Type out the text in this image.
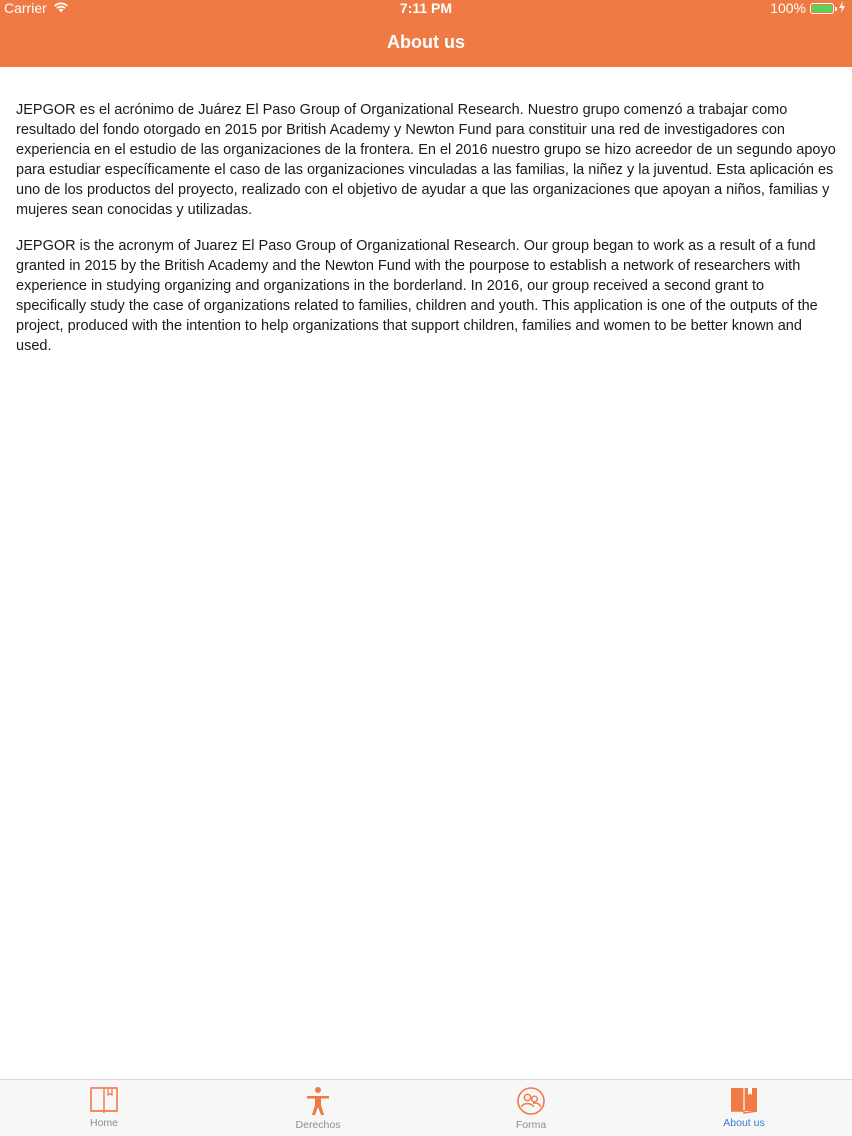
Carrier	7:11 PM	100%
About us

JEPGOR es el acrónimo de Juárez El Paso Group of Organizational Research. Nuestro grupo comenzó a trabajar como resultado del fondo otorgado en 2015 por British Academy y Newton Fund para constituir una red de investigadores con experiencia en el estudio de las organizaciones de la frontera. En el 2016 nuestro grupo se hizo acreedor de un segundo apoyo para estudiar específicamente el caso de las organizaciones vinculadas a las familias, la niñez y la juventud. Esta aplicación es uno de los productos del proyecto, realizado con el objetivo de ayudar a que las organizaciones que apoyan a niños, familias y mujeres sean conocidas y utilizadas.

JEPGOR is the acronym of Juarez El Paso Group of Organizational Research. Our group began to work as a result of a fund granted in 2015 by the British Academy and the Newton Fund with the pourpose to establish a network of researchers with experience in studying organizing and organizations in the borderland. In 2016, our group received a second grant to specifically study the case of organizations related to families, children and youth. This application is one of the outputs of the project, produced with the intention to help organizations that support children, families and women to be better known and used.

Home	Derechos	Forma	About us
